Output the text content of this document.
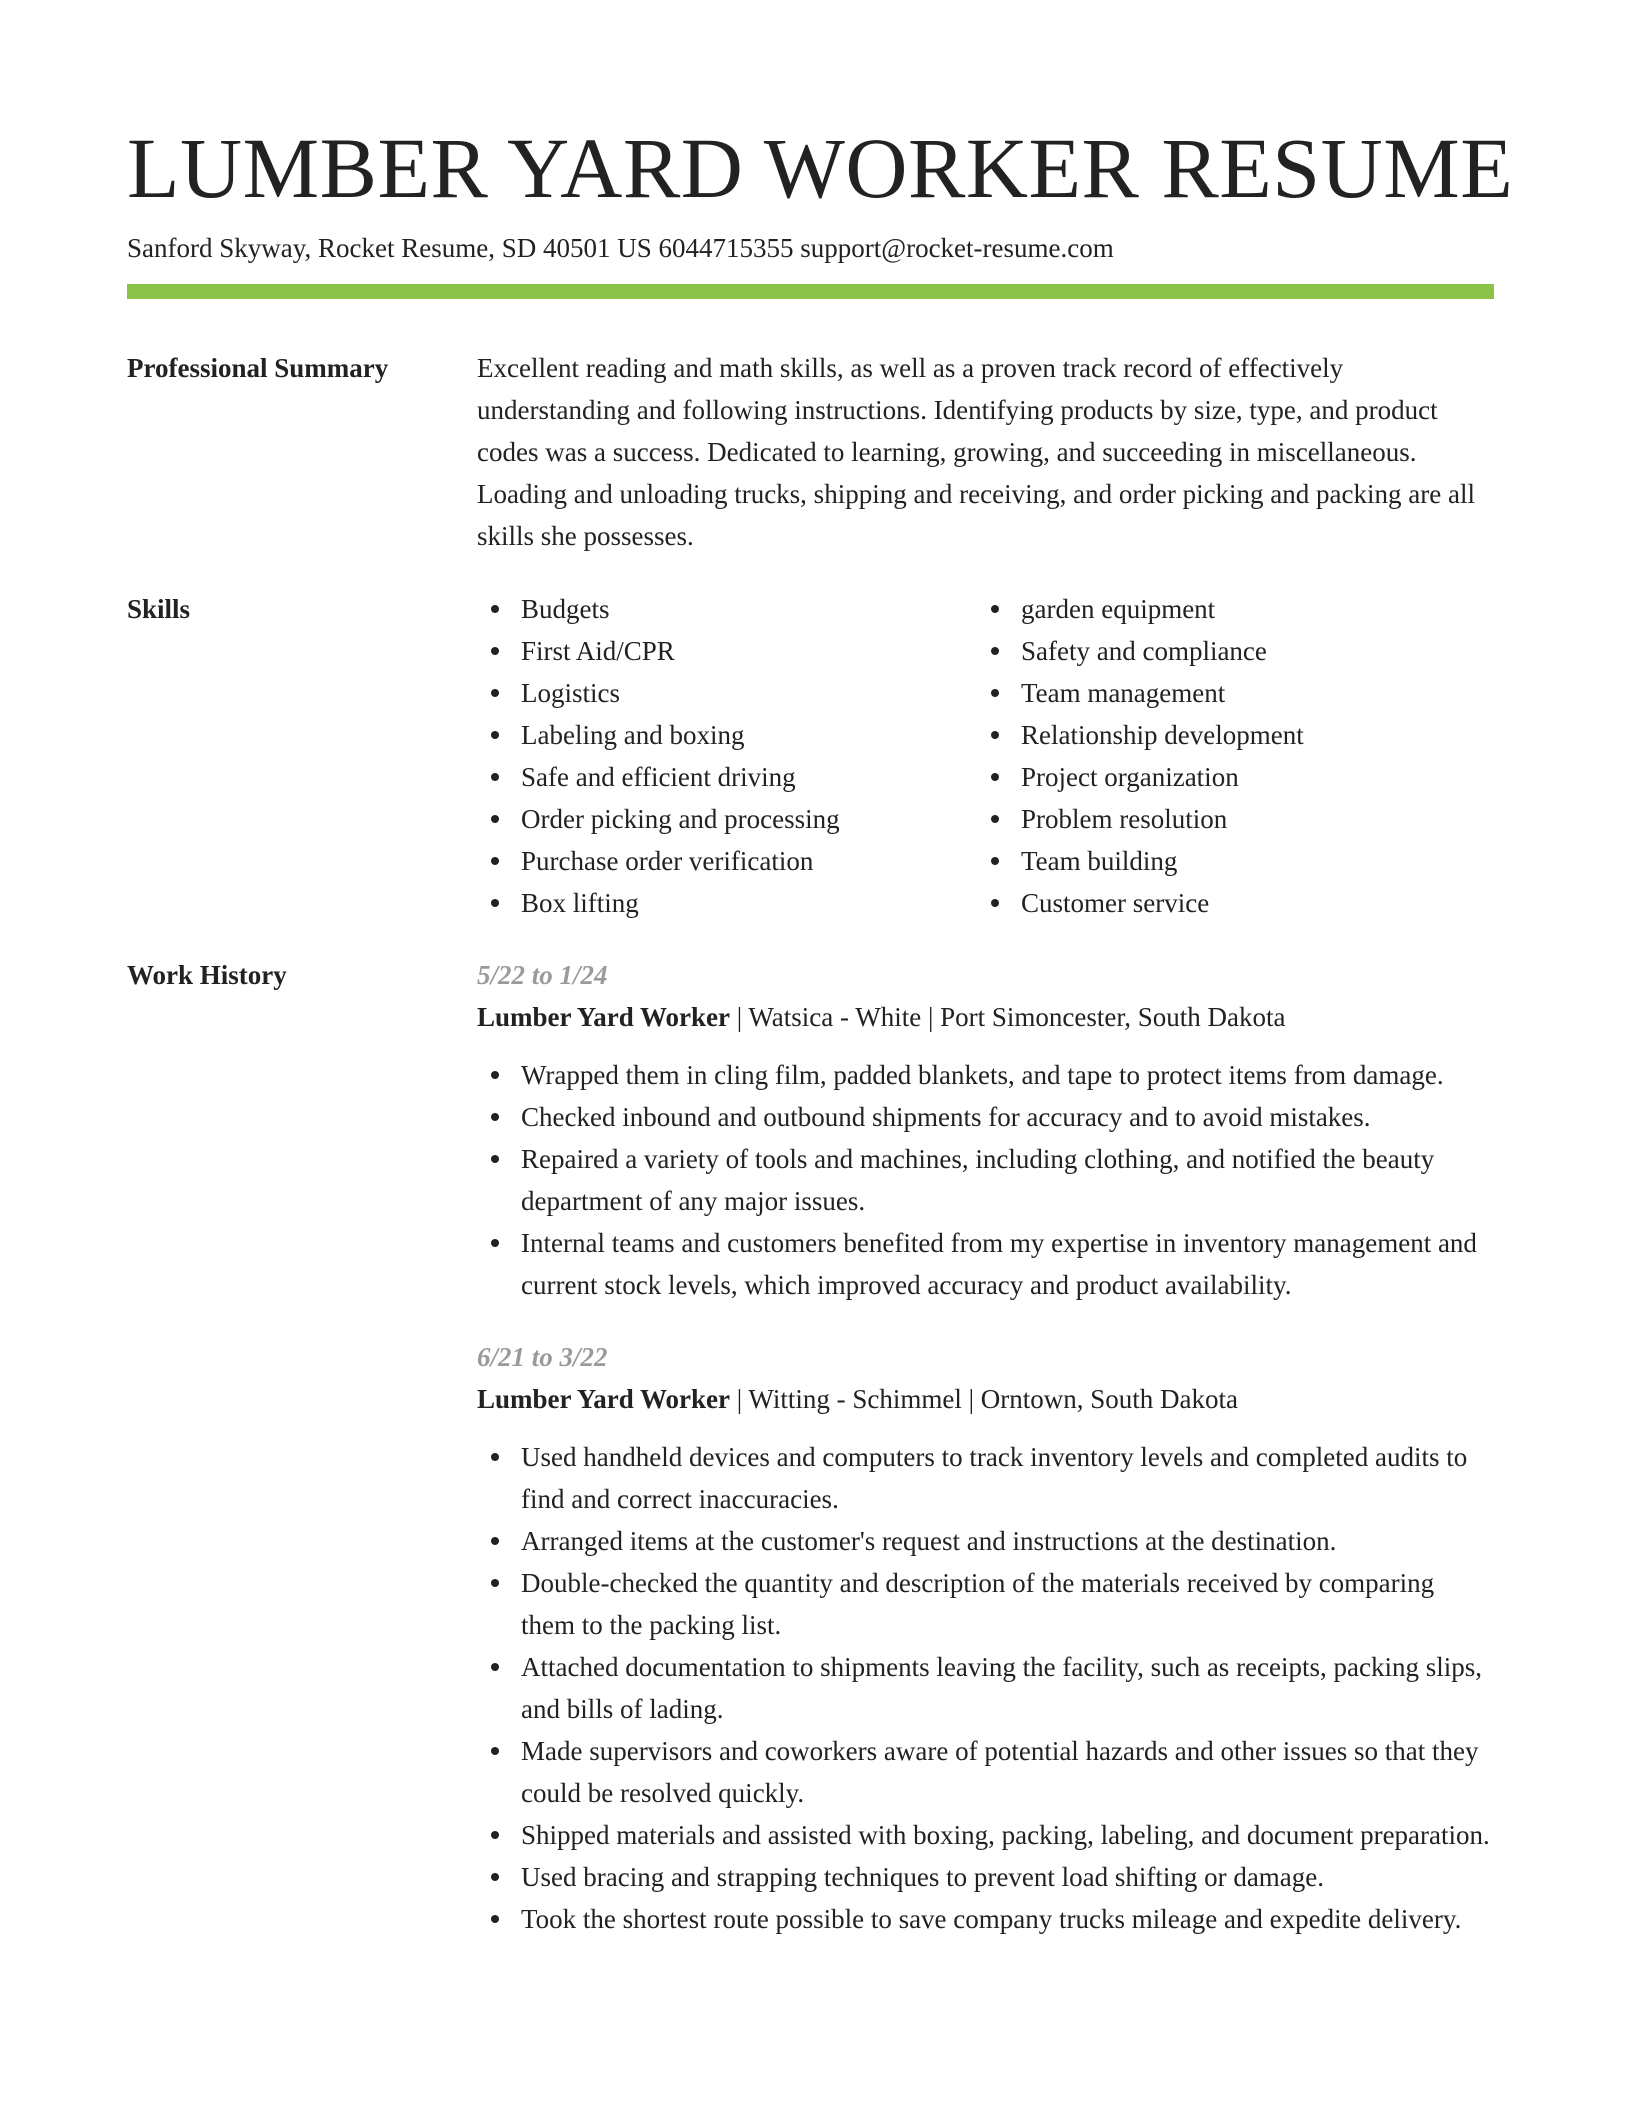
LUMBER YARD WORKER RESUME
Sanford Skyway, Rocket Resume, SD 40501 US 6044715355 support@rocket-resume.com
Professional Summary	Excellent reading and math skills, as well as a proven track record of effectively understanding and following instructions. Identifying products by size, type, and product codes was a success. Dedicated to learning, growing, and succeeding in miscellaneous. Loading and unloading trucks, shipping and receiving, and order picking and packing are all skills she possesses.

Skills	Budgets
First Aid/CPR
Logistics
Labeling and boxing
Safe and efficient driving
Order picking and processing
Purchase order verification
Box lifting
garden equipment
Safety and compliance
Team management
Relationship development
Project organization
Problem resolution
Team building
Customer service
Work History	5/22 to 1/24
Lumber Yard Worker | Watsica - White | Port Simoncester, South Dakota
Wrapped them in cling film, padded blankets, and tape to protect items from damage.
Checked inbound and outbound shipments for accuracy and to avoid mistakes.
Repaired a variety of tools and machines, including clothing, and notified the beauty department of any major issues.
Internal teams and customers benefited from my expertise in inventory management and current stock levels, which improved accuracy and product availability.
6/21 to 3/22
Lumber Yard Worker | Witting - Schimmel | Orntown, South Dakota
Used handheld devices and computers to track inventory levels and completed audits to find and correct inaccuracies.
Arranged items at the customer's request and instructions at the destination.
Double-checked the quantity and description of the materials received by comparing them to the packing list.
Attached documentation to shipments leaving the facility, such as receipts, packing slips, and bills of lading.
Made supervisors and coworkers aware of potential hazards and other issues so that they could be resolved quickly.
Shipped materials and assisted with boxing, packing, labeling, and document preparation.
Used bracing and strapping techniques to prevent load shifting or damage.
Took the shortest route possible to save company trucks mileage and expedite delivery.
